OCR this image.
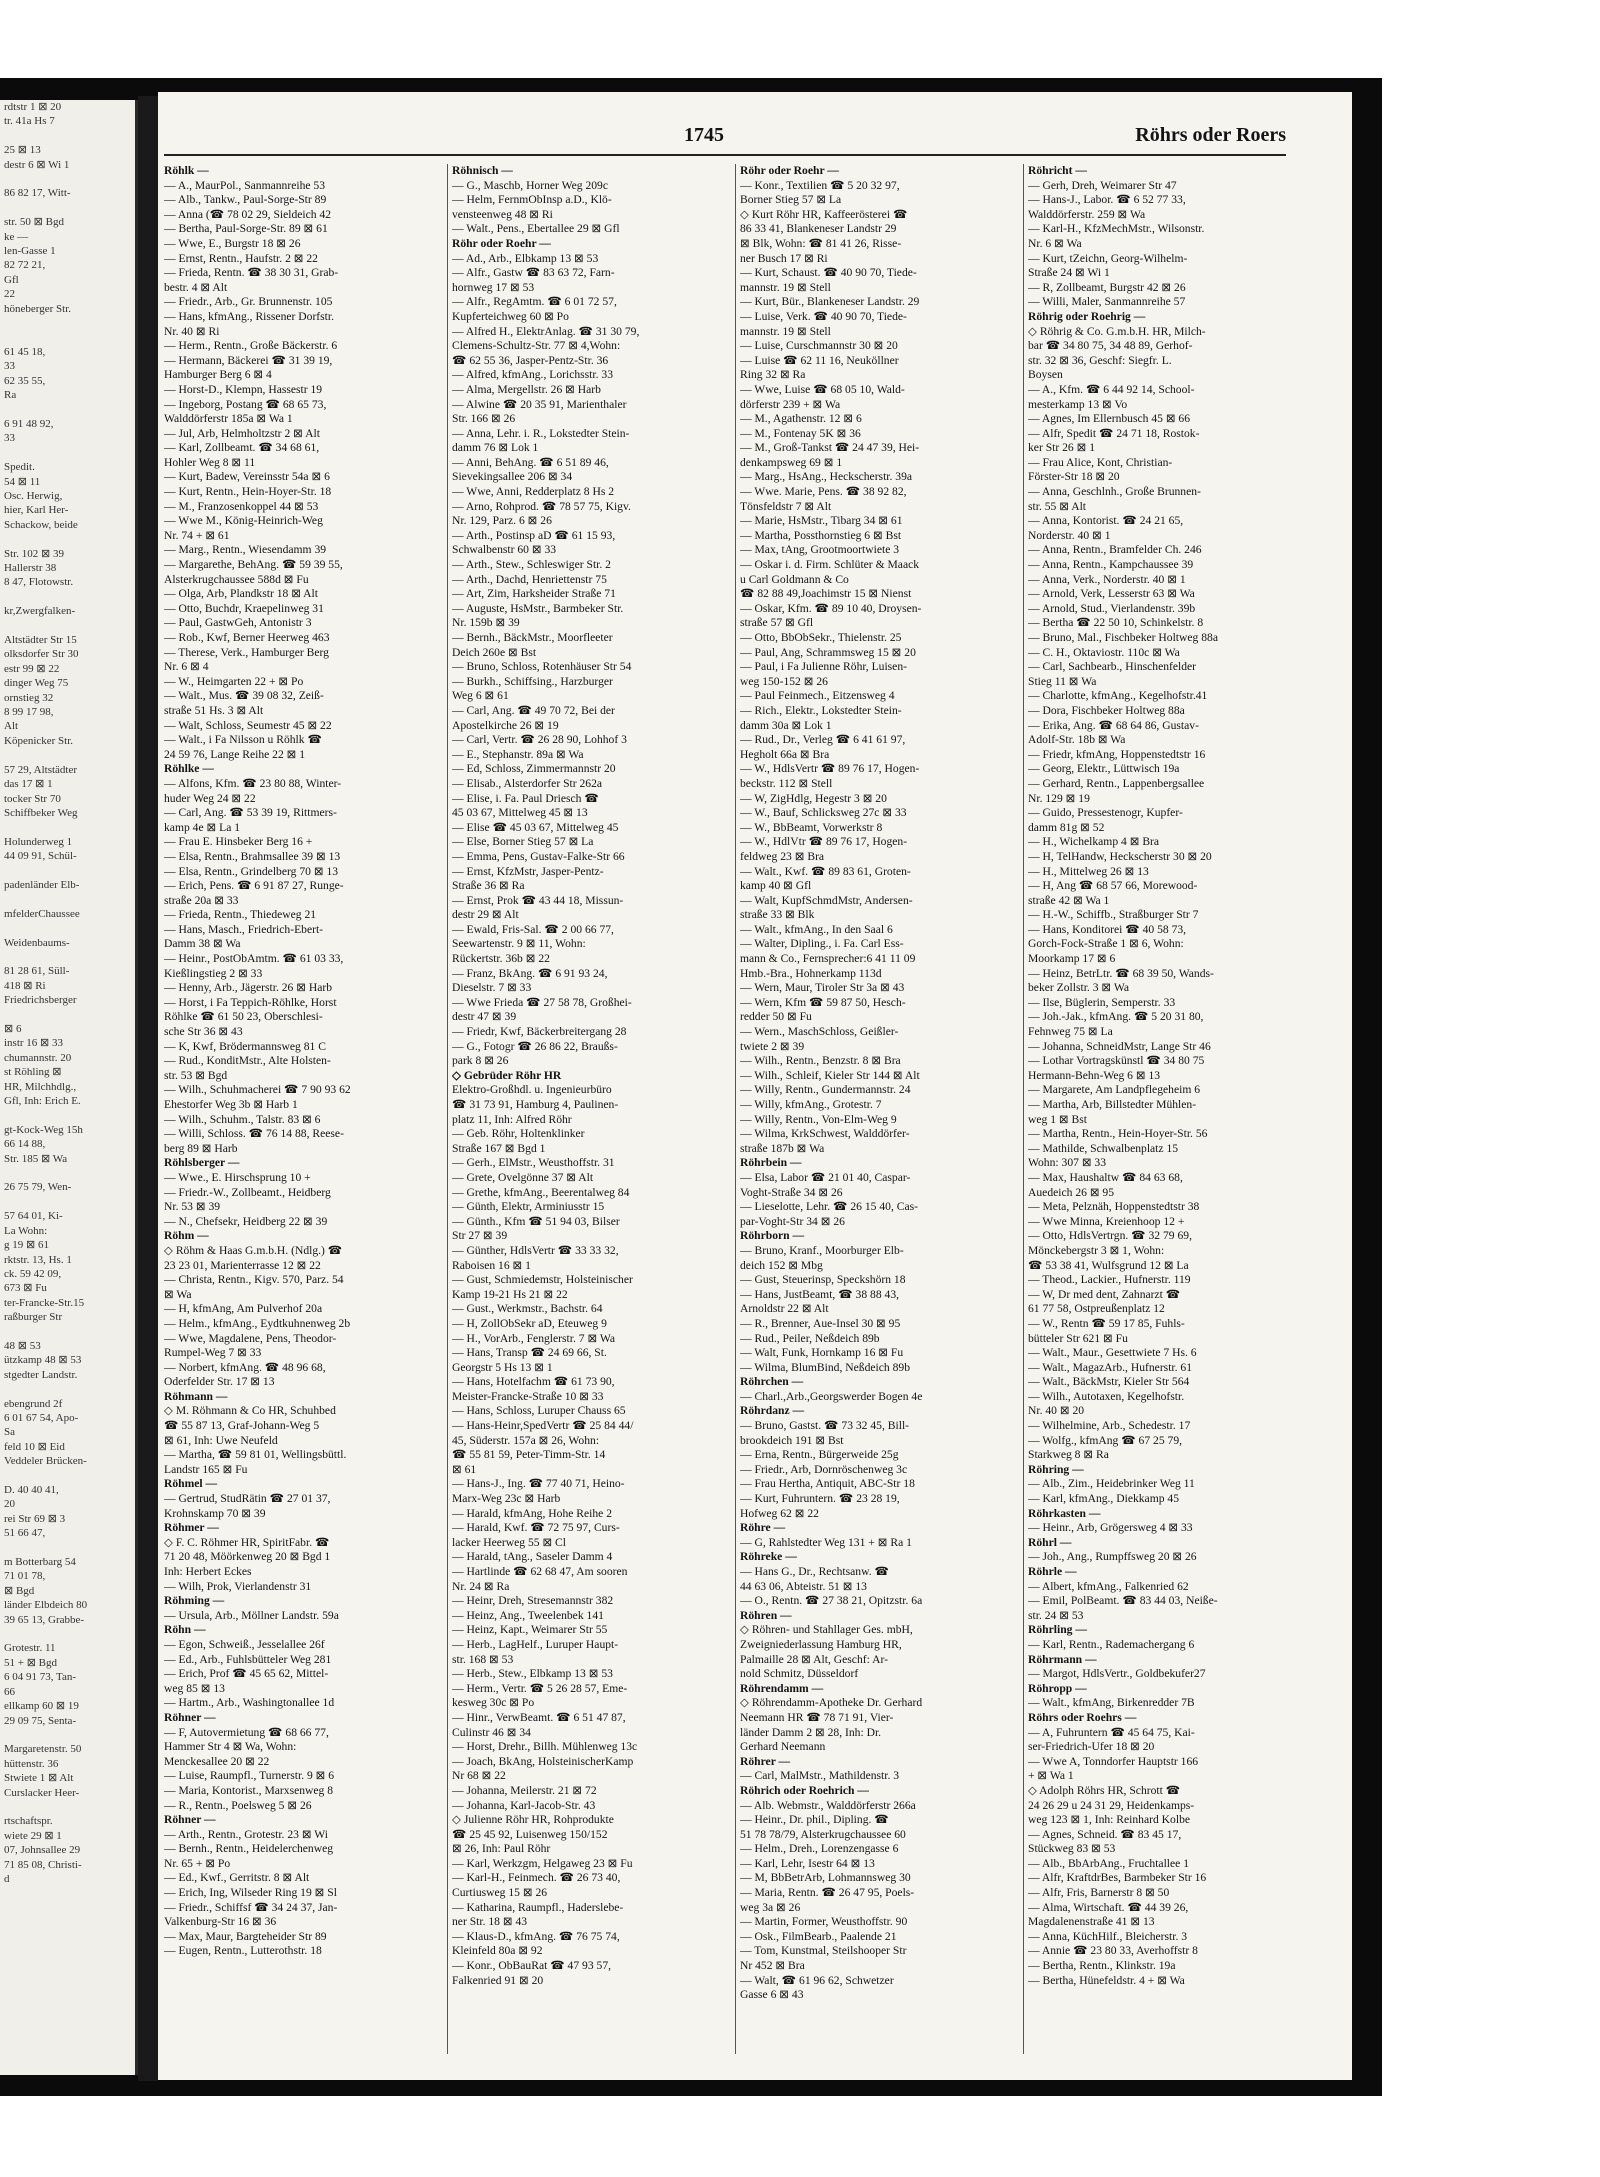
rdtstr 1 ⊠ 20
tr. 41a Hs 7

25 ⊠ 13
destr 6 ⊠ Wi 1

86 82 17, Witt-

str. 50 ⊠ Bgd
ke —
len-Gasse 1
82 72 21,
Gfl
22
höneberger Str.

61 45 18,
33
62 35 55,
Ra

6 91 48 92,
33

Spedit.
54 ⊠ 11
Osc. Herwig,
hier, Karl Her-
Schackow, beide

Str. 102 ⊠ 39
Hallerstr 38
8 47, Flotowstr.

kr,Zwergfalken-

Altstädter Str 15
olksdorfer Str 30
estr 99 ⊠ 22
dinger Weg 75
ornstieg 32
8 99 17 98,
Alt
Köpenicker Str.

57 29, Altstädter
das 17 ⊠ 1
tocker Str 70
Schiffbeker Weg

Holunderweg 1
44 09 91, Schül-

padenländer Elb-

mfelderChaussee

Weidenbaums-

81 28 61, Süll-
418 ⊠ Ri
Friedrichsberger

⊠ 6
instr 16 ⊠ 33
chumannstr. 20
st Röhling ⊠
HR, Milchhdlg.,
Gfl, Inh: Erich E.

gt-Kock-Weg 15h
66 14 88,
Str. 185 ⊠ Wa

26 75 79, Wen-

57 64 01, Ki-
La Wohn:
g 19 ⊠ 61
rktstr. 13, Hs. 1
ck. 59 42 09,
673 ⊠ Fu
ter-Francke-Str.15
raßburger Str

48 ⊠ 53
ützkamp 48 ⊠ 53
stgedter Landstr.

ebengrund 2f
6 01 67 54, Apo-
Sa
feld 10 ⊠ Eid
Veddeler Brücken-

D. 40 40 41,
20
rei Str 69 ⊠ 3
51 66 47,

m Botterbarg 54
71 01 78,
⊠ Bgd
länder Elbdeich 80
39 65 13, Grabbe-

Grotestr. 11
51 + ⊠ Bgd
6 04 91 73, Tan-
66
ellkamp 60 ⊠ 19
29 09 75, Senta-

Margaretenstr. 50
hüttenstr. 36
Stwiete 1 ⊠ Alt
Curslacker Heer-

rtschaftspr.
wiete 29 ⊠ 1
07, Johnsallee 29
71 85 08, Christi-
d
1745	Röhrs oder Roers
Röhlk —
— A., MaurPol., Sanmannreihe 53
— Alb., Tankw., Paul-Sorge-Str 89
— Anna (☎ 78 02 29, Sieldeich 42
— Bertha, Paul-Sorge-Str. 89 ⊠ 61
— Wwe, E., Burgstr 18 ⊠ 26
— Ernst, Rentn., Haufstr. 2 ⊠ 22
— Frieda, Rentn. ☎ 38 30 31, Grab-
bestr. 4 ⊠ Alt
— Friedr., Arb., Gr. Brunnenstr. 105
— Hans, kfmAng., Rissener Dorfstr.
Nr. 40 ⊠ Ri
— Herm., Rentn., Große Bäckerstr. 6
— Hermann, Bäckerei ☎ 31 39 19,
Hamburger Berg 6 ⊠ 4
— Horst-D., Klempn, Hassestr 19
— Ingeborg, Postang ☎ 68 65 73,
Walddörferstr 185a ⊠ Wa 1
— Jul, Arb, Helmholtzstr 2 ⊠ Alt
— Karl, Zollbeamt. ☎ 34 68 61,
Hohler Weg 8 ⊠ 11
— Kurt, Badew, Vereinsstr 54a ⊠ 6
— Kurt, Rentn., Hein-Hoyer-Str. 18
— M., Franzosenkoppel 44 ⊠ 53
— Wwe M., König-Heinrich-Weg
Nr. 74 + ⊠ 61
— Marg., Rentn., Wiesendamm 39
— Margarethe, BehAng. ☎ 59 39 55,
Alsterkrugchaussee 588d ⊠ Fu
— Olga, Arb, Plandkstr 18 ⊠ Alt
— Otto, Buchdr, Kraepelinweg 31
— Paul, GastwGeh, Antonistr 3
— Rob., Kwf, Berner Heerweg 463
— Therese, Verk., Hamburger Berg
Nr. 6 ⊠ 4
— W., Heimgarten 22 + ⊠ Po
— Walt., Mus. ☎ 39 08 32, Zeiß-
straße 51 Hs. 3 ⊠ Alt
— Walt, Schloss, Seumestr 45 ⊠ 22
— Walt., i Fa Nilsson u Röhlk ☎
24 59 76, Lange Reihe 22 ⊠ 1
Röhlke —
— Alfons, Kfm. ☎ 23 80 88, Winter-
huder Weg 24 ⊠ 22
— Carl, Ang. ☎ 53 39 19, Rittmers-
kamp 4e ⊠ La 1
— Frau E. Hinsbeker Berg 16 +
— Elsa, Rentn., Brahmsallee 39 ⊠ 13
— Elsa, Rentn., Grindelberg 70 ⊠ 13
— Erich, Pens. ☎ 6 91 87 27, Runge-
straße 20a ⊠ 33
— Frieda, Rentn., Thiedeweg 21
— Hans, Masch., Friedrich-Ebert-
Damm 38 ⊠ Wa
— Heinr., PostObAmtm. ☎ 61 03 33,
Kießlingstieg 2 ⊠ 33
— Henny, Arb., Jägerstr. 26 ⊠ Harb
— Horst, i Fa Teppich-Röhlke, Horst
Röhlke ☎ 61 50 23, Oberschlesi-
sche Str 36 ⊠ 43
— K, Kwf, Brödermannsweg 81 C
— Rud., KonditMstr., Alte Holsten-
str. 53 ⊠ Bgd
— Wilh., Schuhmacherei ☎ 7 90 93 62
Ehestorfer Weg 3b ⊠ Harb 1
— Wilh., Schuhm., Talstr. 83 ⊠ 6
— Willi, Schloss. ☎ 76 14 88, Reese-
berg 89 ⊠ Harb
Röhlsberger —
— Wwe., E. Hirschsprung 10 +
— Friedr.-W., Zollbeamt., Heidberg
Nr. 53 ⊠ 39
— N., Chefsekr, Heidberg 22 ⊠ 39
Röhm —
◇ Röhm & Haas G.m.b.H. (Ndlg.) ☎
23 23 01, Marienterrasse 12 ⊠ 22
— Christa, Rentn., Kigv. 570, Parz. 54
⊠ Wa
— H, kfmAng, Am Pulverhof 20a
— Helm., kfmAng., Eydtkuhnenweg 2b
— Wwe, Magdalene, Pens, Theodor-
Rumpel-Weg 7 ⊠ 33
— Norbert, kfmAng. ☎ 48 96 68,
Oderfelder Str. 17 ⊠ 13
Röhmann —
◇ M. Röhmann & Co HR, Schuhbed
☎ 55 87 13, Graf-Johann-Weg 5
⊠ 61, Inh: Uwe Neufeld
— Martha, ☎ 59 81 01, Wellingsbüttl.
Landstr 165 ⊠ Fu
Röhmel —
— Gertrud, StudRätin ☎ 27 01 37,
Krohnskamp 70 ⊠ 39
Röhmer —
◇ F. C. Röhmer HR, SpiritFabr. ☎
71 20 48, Möörkenweg 20 ⊠ Bgd 1
Inh: Herbert Eckes
— Wilh, Prok, Vierlandenstr 31
Röhming —
— Ursula, Arb., Möllner Landstr. 59a
Röhn —
— Egon, Schweiß., Jesselallee 26f
— Ed., Arb., Fuhlsbütteler Weg 281
— Erich, Prof ☎ 45 65 62, Mittel-
weg 85 ⊠ 13
— Hartm., Arb., Washingtonallee 1d
Röhner —
— F, Autovermietung ☎ 68 66 77,
Hammer Str 4 ⊠ Wa, Wohn:
Menckesallee 20 ⊠ 22
— Luise, Raumpfl., Turnerstr. 9 ⊠ 6
— Maria, Kontorist., Marxsenweg 8
— R., Rentn., Poelsweg 5 ⊠ 26
Röhner —
— Arth., Rentn., Grotestr. 23 ⊠ Wi
— Bernh., Rentn., Heidelerchenweg
Nr. 65 + ⊠ Po
— Ed., Kwf., Gerritstr. 8 ⊠ Alt
— Erich, Ing, Wilseder Ring 19 ⊠ Sl
— Friedr., Schiffsf ☎ 34 24 37, Jan-
Valkenburg-Str 16 ⊠ 36
— Max, Maur, Bargteheider Str 89
— Eugen, Rentn., Lutterothstr. 18
Röhnisch —
— G., Maschb, Horner Weg 209c
— Helm, FernmObInsp a.D., Klö-
vensteenweg 48 ⊠ Ri
— Walt., Pens., Ebertallee 29 ⊠ Gfl
Röhr oder Roehr —
— Ad., Arb., Elbkamp 13 ⊠ 53
— Alfr., Gastw ☎ 83 63 72, Farn-
hornweg 17 ⊠ 53
— Alfr., RegAmtm. ☎ 6 01 72 57,
Kupferteichweg 60 ⊠ Po
— Alfred H., ElektrAnlag. ☎ 31 30 79,
Clemens-Schultz-Str. 77 ⊠ 4,Wohn:
☎ 62 55 36, Jasper-Pentz-Str. 36
— Alfred, kfmAng., Lorichsstr. 33
— Alma, Mergellstr. 26 ⊠ Harb
— Alwine ☎ 20 35 91, Marienthaler
Str. 166 ⊠ 26
— Anna, Lehr. i. R., Lokstedter Stein-
damm 76 ⊠ Lok 1
— Anni, BehAng. ☎ 6 51 89 46,
Sievekingsallee 206 ⊠ 34
— Wwe, Anni, Redderplatz 8 Hs 2
— Arno, Rohprod. ☎ 78 57 75, Kigv.
Nr. 129, Parz. 6 ⊠ 26
— Arth., Postinsp aD ☎ 61 15 93,
Schwalbenstr 60 ⊠ 33
— Arth., Stew., Schleswiger Str. 2
— Arth., Dachd, Henriettenstr 75
— Art, Zim, Harksheider Straße 71
— Auguste, HsMstr., Barmbeker Str.
Nr. 159b ⊠ 39
— Bernh., BäckMstr., Moorfleeter
Deich 260e ⊠ Bst
— Bruno, Schloss, Rotenhäuser Str 54
— Burkh., Schiffsing., Harzburger
Weg 6 ⊠ 61
— Carl, Ang. ☎ 49 70 72, Bei der
Apostelkirche 26 ⊠ 19
— Carl, Vertr. ☎ 26 28 90, Lohhof 3
— E., Stephanstr. 89a ⊠ Wa
— Ed, Schloss, Zimmermannstr 20
— Elisab., Alsterdorfer Str 262a
— Elise, i. Fa. Paul Driesch ☎
45 03 67, Mittelweg 45 ⊠ 13
— Elise ☎ 45 03 67, Mittelweg 45
— Else, Borner Stieg 57 ⊠ La
— Emma, Pens, Gustav-Falke-Str 66
— Ernst, KfzMstr, Jasper-Pentz-
Straße 36 ⊠ Ra
— Ernst, Prok ☎ 43 44 18, Missun-
destr 29 ⊠ Alt
— Ewald, Fris-Sal. ☎ 2 00 66 77,
Seewartenstr. 9 ⊠ 11, Wohn:
Rückertstr. 36b ⊠ 22
— Franz, BkAng. ☎ 6 91 93 24,
Dieselstr. 7 ⊠ 33
— Wwe Frieda ☎ 27 58 78, Großhei-
destr 47 ⊠ 39
— Friedr, Kwf, Bäckerbreitergang 28
— G., Fotogr ☎ 26 86 22, Braußs-
park 8 ⊠ 26
◇ Gebrüder Röhr HR
Elektro-Großhdl. u. Ingenieurbüro
☎ 31 73 91, Hamburg 4, Paulinen-
platz 11, Inh: Alfred Röhr
— Geb. Röhr, Holtenklinker
Straße 167 ⊠ Bgd 1
— Gerh., ElMstr., Weusthoffstr. 31
— Grete, Ovelgönne 37 ⊠ Alt
— Grethe, kfmAng., Beerentalweg 84
— Günth, Elektr, Arminiusstr 15
— Günth., Kfm ☎ 51 94 03, Bilser
Str 27 ⊠ 39
— Günther, HdlsVertr ☎ 33 33 32,
Raboisen 16 ⊠ 1
— Gust, Schmiedemstr, Holsteinischer
Kamp 19-21 Hs 21 ⊠ 22
— Gust., Werkmstr., Bachstr. 64
— H, ZollObSekr aD, Eteuweg 9
— H., VorArb., Fenglerstr. 7 ⊠ Wa
— Hans, Transp ☎ 24 69 66, St.
Georgstr 5 Hs 13 ⊠ 1
— Hans, Hotelfachm ☎ 61 73 90,
Meister-Francke-Straße 10 ⊠ 33
— Hans, Schloss, Luruper Chauss 65
— Hans-Heinr,SpedVertr ☎ 25 84 44/
45, Süderstr. 157a ⊠ 26, Wohn:
☎ 55 81 59, Peter-Timm-Str. 14
⊠ 61
— Hans-J., Ing. ☎ 77 40 71, Heino-
Marx-Weg 23c ⊠ Harb
— Harald, kfmAng, Hohe Reihe 2
— Harald, Kwf. ☎ 72 75 97, Curs-
lacker Heerweg 55 ⊠ Cl
— Harald, tAng., Saseler Damm 4
— Hartlinde ☎ 62 68 47, Am sooren
Nr. 24 ⊠ Ra
— Heinr, Dreh, Stresemannstr 382
— Heinz, Ang., Tweelenbek 141
— Heinz, Kapt., Weimarer Str 55
— Herb., LagHelf., Luruper Haupt-
str. 168 ⊠ 53
— Herb., Stew., Elbkamp 13 ⊠ 53
— Herm., Vertr. ☎ 5 26 28 57, Eme-
kesweg 30c ⊠ Po
— Hinr., VerwBeamt. ☎ 6 51 47 87,
Culinstr 46 ⊠ 34
— Horst, Drehr., Billh. Mühlenweg 13c
— Joach, BkAng, HolsteinischerKamp
Nr 68 ⊠ 22
— Johanna, Meilerstr. 21 ⊠ 72
— Johanna, Karl-Jacob-Str. 43
◇ Julienne Röhr HR, Rohprodukte
☎ 25 45 92, Luisenweg 150/152
⊠ 26, Inh: Paul Röhr
— Karl, Werkzgm, Helgaweg 23 ⊠ Fu
— Karl-H., Feinmech. ☎ 26 73 40,
Curtiusweg 15 ⊠ 26
— Katharina, Raumpfl., Haderslebe-
ner Str. 18 ⊠ 43
— Klaus-D., kfmAng. ☎ 76 75 74,
Kleinfeld 80a ⊠ 92
— Konr., ObBauRat ☎ 47 93 57,
Falkenried 91 ⊠ 20
Röhr oder Roehr —
— Konr., Textilien ☎ 5 20 32 97,
Borner Stieg 57 ⊠ La
◇ Kurt Röhr HR, Kaffeerösterei ☎
86 33 41, Blankeneser Landstr 29
⊠ Blk, Wohn: ☎ 81 41 26, Risse-
ner Busch 17 ⊠ Ri
— Kurt, Schaust. ☎ 40 90 70, Tiede-
mannstr. 19 ⊠ Stell
— Kurt, Bür., Blankeneser Landstr. 29
— Luise, Verk. ☎ 40 90 70, Tiede-
mannstr. 19 ⊠ Stell
— Luise, Curschmannstr 30 ⊠ 20
— Luise ☎ 62 11 16, Neuköllner
Ring 32 ⊠ Ra
— Wwe, Luise ☎ 68 05 10, Wald-
dörferstr 239 + ⊠ Wa
— M., Agathenstr. 12 ⊠ 6
— M., Fontenay 5K ⊠ 36
— M., Groß-Tankst ☎ 24 47 39, Hei-
denkampsweg 69 ⊠ 1
— Marg., HsAng., Heckscherstr. 39a
— Wwe. Marie, Pens. ☎ 38 92 82,
Tönsfeldstr 7 ⊠ Alt
— Marie, HsMstr., Tibarg 34 ⊠ 61
— Martha, Possthornstieg 6 ⊠ Bst
— Max, tAng, Grootmoortwiete 3
— Oskar i. d. Firm. Schlüter & Maack
u Carl Goldmann & Co
☎ 82 88 49,Joachimstr 15 ⊠ Nienst
— Oskar, Kfm. ☎ 89 10 40, Droysen-
straße 57 ⊠ Gfl
— Otto, BbObSekr., Thielenstr. 25
— Paul, Ang, Schrammsweg 15 ⊠ 20
— Paul, i Fa Julienne Röhr, Luisen-
weg 150-152 ⊠ 26
— Paul Feinmech., Eitzensweg 4
— Rich., Elektr., Lokstedter Stein-
damm 30a ⊠ Lok 1
— Rud., Dr., Verleg ☎ 6 41 61 97,
Hegholt 66a ⊠ Bra
— W., HdlsVertr ☎ 89 76 17, Hogen-
beckstr. 112 ⊠ Stell
— W, ZigHdlg, Hegestr 3 ⊠ 20
— W., Bauf, Schlicksweg 27c ⊠ 33
— W., BbBeamt, Vorwerkstr 8
— W., HdlVtr ☎ 89 76 17, Hogen-
feldweg 23 ⊠ Bra
— Walt., Kwf. ☎ 89 83 61, Groten-
kamp 40 ⊠ Gfl
— Walt, KupfSchmdMstr, Andersen-
straße 33 ⊠ Blk
— Walt., kfmAng., In den Saal 6
— Walter, Dipling., i. Fa. Carl Ess-
mann & Co., Fernsprecher:6 41 11 09
Hmb.-Bra., Hohnerkamp 113d
— Wern, Maur, Tiroler Str 3a ⊠ 43
— Wern, Kfm ☎ 59 87 50, Hesch-
redder 50 ⊠ Fu
— Wern., MaschSchloss, Geißler-
twiete 2 ⊠ 39
— Wilh., Rentn., Benzstr. 8 ⊠ Bra
— Wilh., Schleif, Kieler Str 144 ⊠ Alt
— Willy, Rentn., Gundermannstr. 24
— Willy, kfmAng., Grotestr. 7
— Willy, Rentn., Von-Elm-Weg 9
— Wilma, KrkSchwest, Walddörfer-
straße 187b ⊠ Wa
Röhrbein —
— Elsa, Labor ☎ 21 01 40, Caspar-
Voght-Straße 34 ⊠ 26
— Lieselotte, Lehr. ☎ 26 15 40, Cas-
par-Voght-Str 34 ⊠ 26
Röhrborn —
— Bruno, Kranf., Moorburger Elb-
deich 152 ⊠ Mbg
— Gust, Steuerinsp, Speckshörn 18
— Hans, JustBeamt, ☎ 38 88 43,
Arnoldstr 22 ⊠ Alt
— R., Brenner, Aue-Insel 30 ⊠ 95
— Rud., Peiler, Neßdeich 89b
— Walt, Funk, Hornkamp 16 ⊠ Fu
— Wilma, BlumBind, Neßdeich 89b
Röhrchen —
— Charl.,Arb.,Georgswerder Bogen 4e
Röhrdanz —
— Bruno, Gastst. ☎ 73 32 45, Bill-
brookdeich 191 ⊠ Bst
— Erna, Rentn., Bürgerweide 25g
— Friedr., Arb, Dornröschenweg 3c
— Frau Hertha, Antiquit, ABC-Str 18
— Kurt, Fuhruntern. ☎ 23 28 19,
Hofweg 62 ⊠ 22
Röhre —
— G, Rahlstedter Weg 131 + ⊠ Ra 1
Röhreke —
— Hans G., Dr., Rechtsanw. ☎
44 63 06, Abteistr. 51 ⊠ 13
— O., Rentn. ☎ 27 38 21, Opitzstr. 6a
Röhren —
◇ Röhren- und Stahllager Ges. mbH,
Zweigniederlassung Hamburg HR,
Palmaille 28 ⊠ Alt, Geschf: Ar-
nold Schmitz, Düsseldorf
Röhrendamm —
◇ Röhrendamm-Apotheke Dr. Gerhard
Neemann HR ☎ 78 71 91, Vier-
länder Damm 2 ⊠ 28, Inh: Dr.
Gerhard Neemann
Röhrer —
— Carl, MalMstr., Mathildenstr. 3
Röhrich oder Roehrich —
— Alb. Webmstr., Walddörferstr 266a
— Heinr., Dr. phil., Dipling. ☎
51 78 78/79, Alsterkrugchaussee 60
— Helm., Dreh., Lorenzengasse 6
— Karl, Lehr, Isestr 64 ⊠ 13
— M, BbBetrArb, Lohmannsweg 30
— Maria, Rentn. ☎ 26 47 95, Poels-
weg 3a ⊠ 26
— Martin, Former, Weusthoffstr. 90
— Osk., FilmBearb., Paalende 21
— Tom, Kunstmal, Steilshooper Str
Nr 452 ⊠ Bra
— Walt, ☎ 61 96 62, Schwetzer
Gasse 6 ⊠ 43
Röhricht —
— Gerh, Dreh, Weimarer Str 47
— Hans-J., Labor. ☎ 6 52 77 33,
Walddörferstr. 259 ⊠ Wa
— Karl-H., KfzMechMstr., Wilsonstr.
Nr. 6 ⊠ Wa
— Kurt, tZeichn, Georg-Wilhelm-
Straße 24 ⊠ Wi 1
— R, Zollbeamt, Burgstr 42 ⊠ 26
— Willi, Maler, Sanmannreihe 57
Röhrig oder Roehrig —
◇ Röhrig & Co. G.m.b.H. HR, Milch-
bar ☎ 34 80 75, 34 48 89, Gerhof-
str. 32 ⊠ 36, Geschf: Siegfr. L.
Boysen
— A., Kfm. ☎ 6 44 92 14, School-
mesterkamp 13 ⊠ Vo
— Agnes, Im Ellernbusch 45 ⊠ 66
— Alfr, Spedit ☎ 24 71 18, Rostok-
ker Str 26 ⊠ 1
— Frau Alice, Kont, Christian-
Förster-Str 18 ⊠ 20
— Anna, Geschlnh., Große Brunnen-
str. 55 ⊠ Alt
— Anna, Kontorist. ☎ 24 21 65,
Norderstr. 40 ⊠ 1
— Anna, Rentn., Bramfelder Ch. 246
— Anna, Rentn., Kampchaussee 39
— Anna, Verk., Norderstr. 40 ⊠ 1
— Arnold, Verk, Lesserstr 63 ⊠ Wa
— Arnold, Stud., Vierlandenstr. 39b
— Bertha ☎ 22 50 10, Schinkelstr. 8
— Bruno, Mal., Fischbeker Holtweg 88a
— C. H., Oktaviostr. 110c ⊠ Wa
— Carl, Sachbearb., Hinschenfelder
Stieg 11 ⊠ Wa
— Charlotte, kfmAng., Kegelhofstr.41
— Dora, Fischbeker Holtweg 88a
— Erika, Ang. ☎ 68 64 86, Gustav-
Adolf-Str. 18b ⊠ Wa
— Friedr, kfmAng, Hoppenstedtstr 16
— Georg, Elektr., Lüttwisch 19a
— Gerhard, Rentn., Lappenbergsallee
Nr. 129 ⊠ 19
— Guido, Pressestenogr, Kupfer-
damm 81g ⊠ 52
— H., Wichelkamp 4 ⊠ Bra
— H, TelHandw, Heckscherstr 30 ⊠ 20
— H., Mittelweg 26 ⊠ 13
— H, Ang ☎ 68 57 66, Morewood-
straße 42 ⊠ Wa 1
— H.-W., Schiffb., Straßburger Str 7
— Hans, Konditorei ☎ 40 58 73,
Gorch-Fock-Straße 1 ⊠ 6, Wohn:
Moorkamp 17 ⊠ 6
— Heinz, BetrLtr. ☎ 68 39 50, Wands-
beker Zollstr. 3 ⊠ Wa
— Ilse, Büglerin, Semperstr. 33
— Joh.-Jak., kfmAng. ☎ 5 20 31 80,
Fehnweg 75 ⊠ La
— Johanna, SchneidMstr, Lange Str 46
— Lothar Vortragskünstl ☎ 34 80 75
Hermann-Behn-Weg 6 ⊠ 13
— Margarete, Am Landpflegeheim 6
— Martha, Arb, Billstedter Mühlen-
weg 1 ⊠ Bst
— Martha, Rentn., Hein-Hoyer-Str. 56
— Mathilde, Schwalbenplatz 15
Wohn: 307 ⊠ 33
— Max, Haushaltw ☎ 84 63 68,
Auedeich 26 ⊠ 95
— Meta, Pelznäh, Hoppenstedtstr 38
— Wwe Minna, Kreienhoop 12 +
— Otto, HdlsVertrgn. ☎ 32 79 69,
Mönckebergstr 3 ⊠ 1, Wohn:
☎ 53 38 41, Wulfsgrund 12 ⊠ La
— Theod., Lackier., Hufnerstr. 119
— W, Dr med dent, Zahnarzt ☎
61 77 58, Ostpreußenplatz 12
— W., Rentn ☎ 59 17 85, Fuhls-
bütteler Str 621 ⊠ Fu
— Walt., Maur., Gesettwiete 7 Hs. 6
— Walt., MagazArb., Hufnerstr. 61
— Walt., BäckMstr, Kieler Str 564
— Wilh., Autotaxen, Kegelhofstr.
Nr. 40 ⊠ 20
— Wilhelmine, Arb., Schedestr. 17
— Wolfg., kfmAng ☎ 67 25 79,
Starkweg 8 ⊠ Ra
Röhring —
— Alb., Zim., Heidebrinker Weg 11
— Karl, kfmAng., Diekkamp 45
Röhrkasten —
— Heinr., Arb, Grögersweg 4 ⊠ 33
Röhrl —
— Joh., Ang., Rumpffsweg 20 ⊠ 26
Röhrle —
— Albert, kfmAng., Falkenried 62
— Emil, PolBeamt. ☎ 83 44 03, Neiße-
str. 24 ⊠ 53
Röhrling —
— Karl, Rentn., Rademachergang 6
Röhrmann —
— Margot, HdlsVertr., Goldbekufer27
Röhropp —
— Walt., kfmAng, Birkenredder 7B
Röhrs oder Roehrs —
— A, Fuhruntern ☎ 45 64 75, Kai-
ser-Friedrich-Ufer 18 ⊠ 20
— Wwe A, Tonndorfer Hauptstr 166
+ ⊠ Wa 1
◇ Adolph Röhrs HR, Schrott ☎
24 26 29 u 24 31 29, Heidenkamps-
weg 123 ⊠ 1, Inh: Reinhard Kolbe
— Agnes, Schneid. ☎ 83 45 17,
Stückweg 83 ⊠ 53
— Alb., BbArbAng., Fruchtallee 1
— Alfr, KraftdrBes, Barmbeker Str 16
— Alfr, Fris, Barnerstr 8 ⊠ 50
— Alma, Wirtschaft. ☎ 44 39 26,
Magdalenenstraße 41 ⊠ 13
— Anna, KüchHilf., Bleicherstr. 3
— Annie ☎ 23 80 33, Averhoffstr 8
— Bertha, Rentn., Klinkstr. 19a
— Bertha, Hünefeldstr. 4 + ⊠ Wa
